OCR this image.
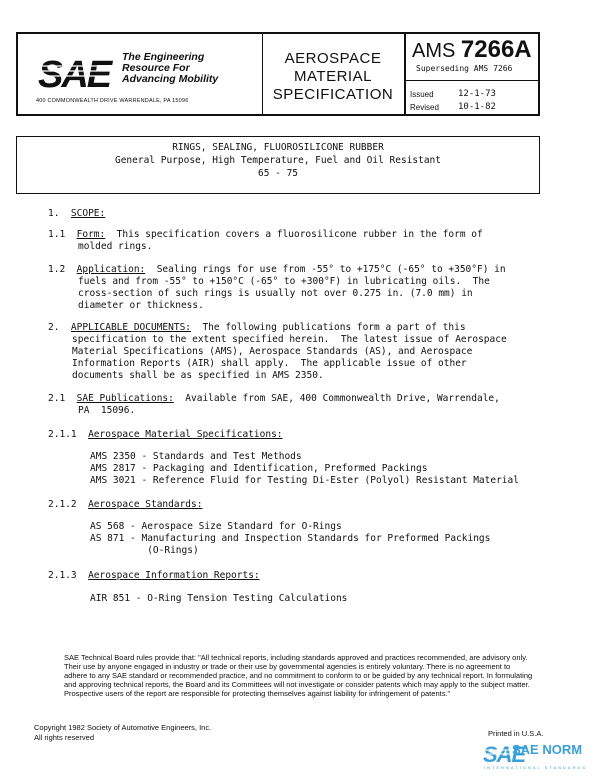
SAE	The Engineering
Resource For
Advancing Mobility
400 COMMONWEALTH DRIVE WARRENDALE, PA 15096
AEROSPACE
MATERIAL
SPECIFICATION
AMS 7266A
Superseding AMS 7266
Issued	12-1-73
Revised 10-1-82
RINGS, SEALING, FLUOROSILICONE RUBBER
General Purpose, High Temperature, Fuel and Oil Resistant
65 - 75
1. SCOPE:
1.1 Form:  This specification covers a fluorosilicone rubber in the form of
molded rings.
1.2 Application:  Sealing rings for use from -55° to +175°C (-65° to +350°F) in
fuels and from -55° to +150°C (-65° to +300°F) in lubricating oils.  The
cross-section of such rings is usually not over 0.275 in. (7.0 mm) in
diameter or thickness.
2. APPLICABLE DOCUMENTS:  The following publications form a part of this
specification to the extent specified herein.  The latest issue of Aerospace
Material Specifications (AMS), Aerospace Standards (AS), and Aerospace
Information Reports (AIR) shall apply.  The applicable issue of other
documents shall be as specified in AMS 2350.
2.1 SAE Publications:  Available from SAE, 400 Commonwealth Drive, Warrendale,
PA  15096.
2.1.1 Aerospace Material Specifications:
AMS 2350 - Standards and Test Methods
AMS 2817 - Packaging and Identification, Preformed Packings
AMS 3021 - Reference Fluid for Testing Di-Ester (Polyol) Resistant Material
2.1.2 Aerospace Standards:
AS 568 - Aerospace Size Standard for O-Rings
AS 871 - Manufacturing and Inspection Standards for Preformed Packings
(O-Rings)
2.1.3 Aerospace Information Reports:
AIR 851 - O-Ring Tension Testing Calculations
SAE Technical Board rules provide that: "All technical reports, including standards approved and practices recommended, are advisory only. Their use by anyone engaged in industry or trade or their use by governmental agencies is entirely voluntary. There is no agreement to adhere to any SAE standard or recommended practice, and no commitment to conform to or be guided by any technical report. In formulating and approving technical reports, the Board and its Committees will not investigate or consider patents which may apply to the subject matter. Prospective users of the report are responsible for protecting themselves against liability for infringement of patents."
Copyright 1982 Society of Automotive Engineers, Inc.
All rights reserved	Printed in U.S.A.
SAE
SAE NORM
INTERNATIONAL STANDARDS
